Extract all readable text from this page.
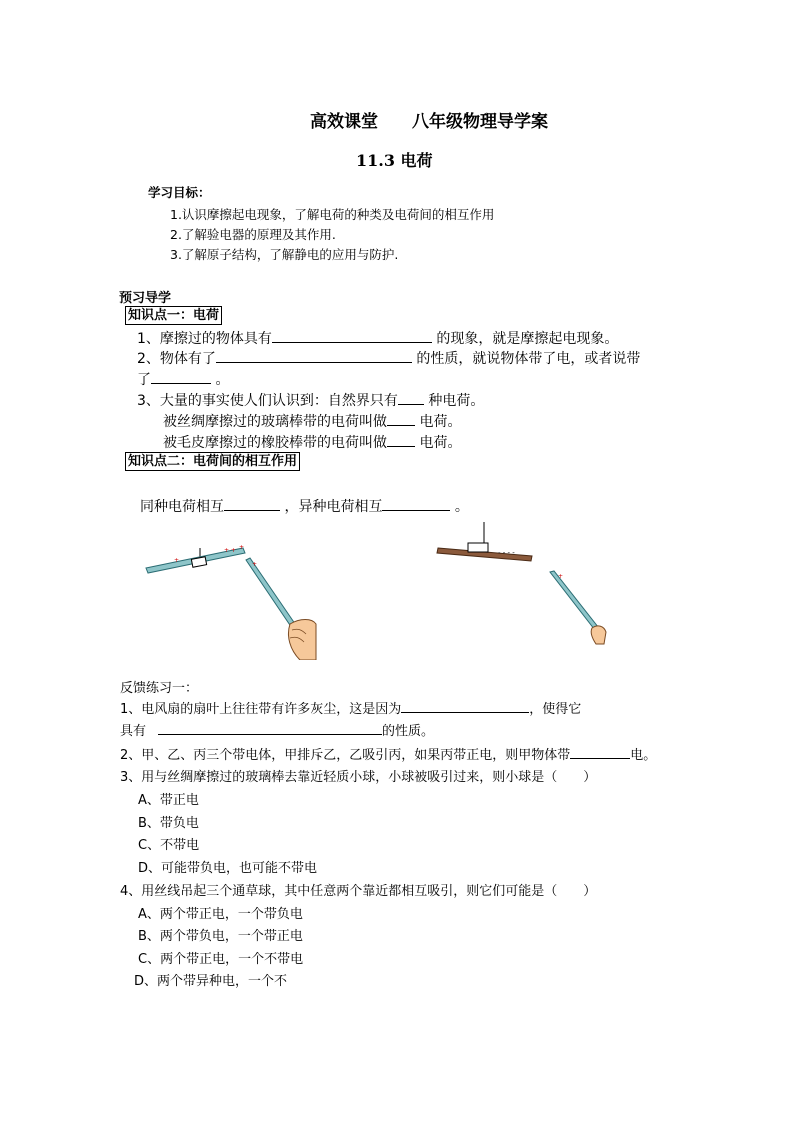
高效课堂 八年级物理导学案
11.3 电荷
学习目标：
1.认识摩擦起电现象，了解电荷的种类及电荷间的相互作用
2.了解验电器的原理及其作用.
3.了解原子结构，了解静电的应用与防护.
预习导学
知识点一：电荷
1、摩擦过的物体具有	的现象，就是摩擦起电现象。
2、物体有了	的性质，就说物体带了电，或者说带
了	。
3、大量的事实使人们认识到：自然界只有 种电荷。
被丝绸摩擦过的玻璃棒带的电荷叫做 电荷。
被毛皮摩擦过的橡胶棒带的电荷叫做 电荷。
知识点二：电荷间的相互作用
同种电荷相互	，异种电荷相互	。
+
+ + +
+
- - - -
+
反馈练习一：
1、电风扇的扇叶上往往带有许多灰尘，这是因为	，使得它
具有	的性质。
2、甲、乙、丙三个带电体，甲排斥乙，乙吸引丙，如果丙带正电，则甲物体带	电。
3、用与丝绸摩擦过的玻璃棒去靠近轻质小球，小球被吸引过来，则小球是（　　）
A、带正电
B、带负电
C、不带电
D、可能带负电，也可能不带电
4、用丝线吊起三个通草球，其中任意两个靠近都相互吸引，则它们可能是（　　）
A、两个带正电，一个带负电
B、两个带负电，一个带正电
C、两个带正电，一个不带电
D、两个带异种电，一个不
